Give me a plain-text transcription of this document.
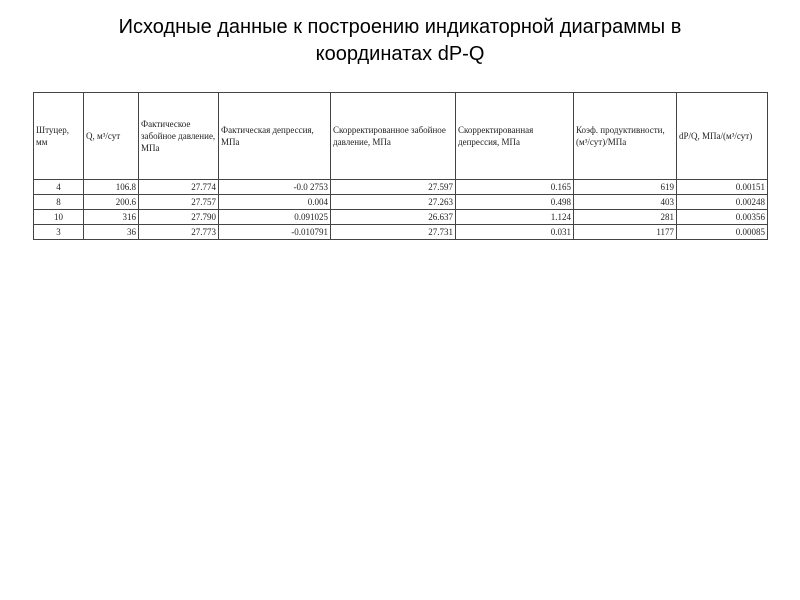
Исходные данные к построению индикаторной диаграммы в
координатах dP-Q
Штуцер, мм	Q, м³/сут	Фактическое забойное давление, МПа	Фактическая депрессия, МПа	Скорректированное забойное давление, МПа	Скорректированная депрессия, МПа	Коэф. продуктивности, (м³/сут)/МПа	dP/Q, МПа/(м³/сут)
4	106.8	27.774	-0.0 2753	27.597	0.165	619	0.00151
8	200.6	27.757	0.004	27.263	0.498	403	0.00248
10	316	27.790	0.091025	26.637	1.124	281	0.00356
3	36	27.773	-0.010791	27.731	0.031	1177	0.00085
